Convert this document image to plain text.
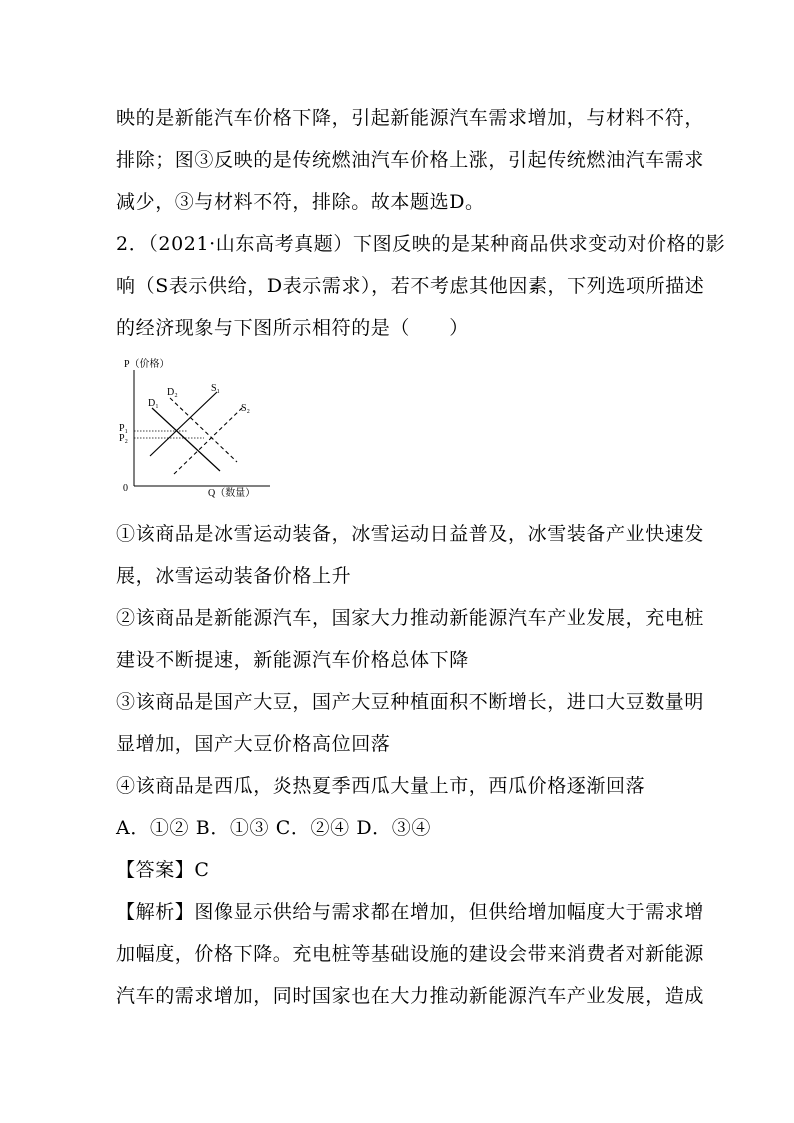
映的是新能汽车价格下降，引起新能源汽车需求增加，与材料不符，
排除；图③反映的是传统燃油汽车价格上涨，引起传统燃油汽车需求
减少，③与材料不符，排除。故本题选D。
2．（2021·山东高考真题）下图反映的是某种商品供求变动对价格的影
响（S表示供给，D表示需求），若不考虑其他因素，下列选项所描述
的经济现象与下图所示相符的是（　　）
P（价格）
Q（数量）
0
P₁
P₂
D₁
D₂	S₁
S₂
①该商品是冰雪运动装备，冰雪运动日益普及，冰雪装备产业快速发
展，冰雪运动装备价格上升
②该商品是新能源汽车，国家大力推动新能源汽车产业发展，充电桩
建设不断提速，新能源汽车价格总体下降
③该商品是国产大豆，国产大豆种植面积不断增长，进口大豆数量明
显增加，国产大豆价格高位回落
④该商品是西瓜，炎热夏季西瓜大量上市，西瓜价格逐渐回落
A．①② B．①③ C．②④ D．③④
【答案】C
【解析】图像显示供给与需求都在增加，但供给增加幅度大于需求增
加幅度，价格下降。充电桩等基础设施的建设会带来消费者对新能源
汽车的需求增加，同时国家也在大力推动新能源汽车产业发展，造成
